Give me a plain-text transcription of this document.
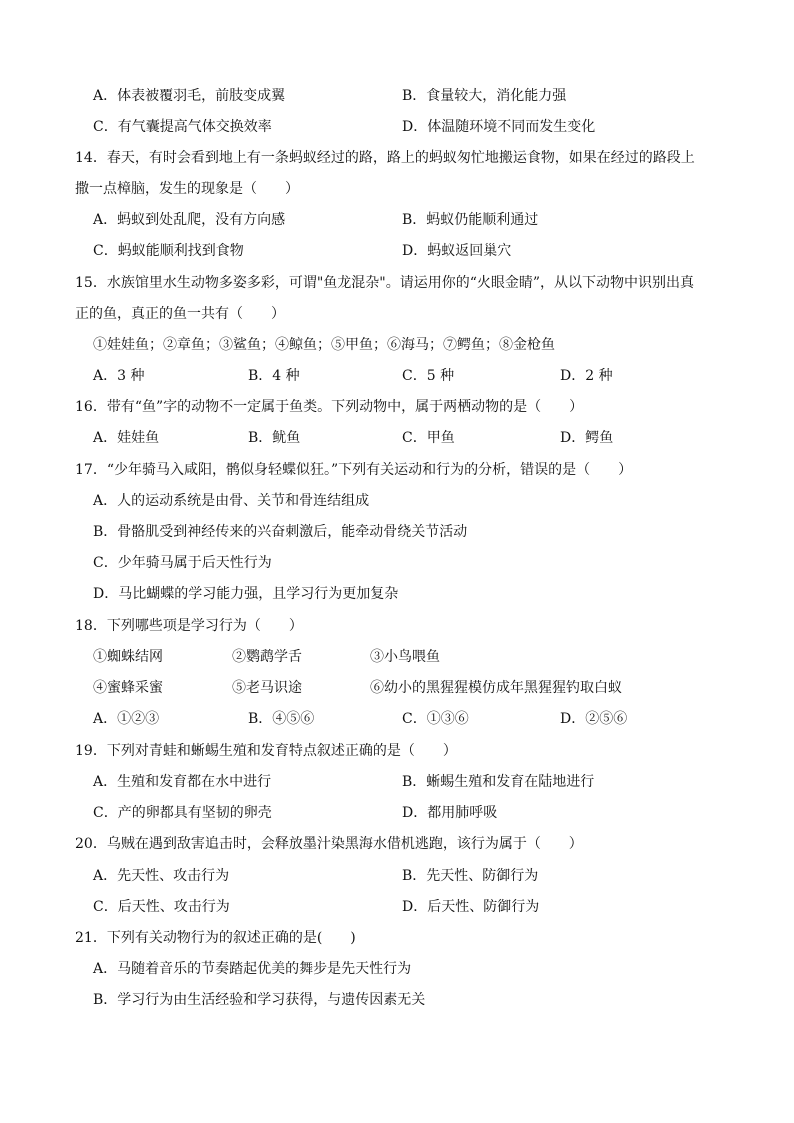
A．体表被覆羽毛，前肢变成翼	B．食量较大，消化能力强
C．有气囊提高气体交换效率	D．体温随环境不同而发生变化
14．春天，有时会看到地上有一条蚂蚁经过的路，路上的蚂蚁匆忙地搬运食物，如果在经过的路段上
撒一点樟脑，发生的现象是（　　）
A．蚂蚁到处乱爬，没有方向感	B．蚂蚁仍能顺利通过
C．蚂蚁能顺利找到食物	D．蚂蚁返回巢穴
15．水族馆里水生动物多姿多彩，可谓"鱼龙混杂"。请运用你的“火眼金睛”，从以下动物中识别出真
正的鱼，真正的鱼一共有（　　）
①娃娃鱼；②章鱼；③鲨鱼；④鲸鱼；⑤甲鱼；⑥海马；⑦鳄鱼；⑧金枪鱼
A．3 种	B．4 种	C．5 种	D．2 种
16．带有“鱼”字的动物不一定属于鱼类。下列动物中，属于两栖动物的是（　　）
A．娃娃鱼	B．鱿鱼	C．甲鱼	D．鳄鱼
17．“少年骑马入咸阳，鹘似身轻蝶似狂。”下列有关运动和行为的分析，错误的是（　　）
A．人的运动系统是由骨、关节和骨连结组成
B．骨骼肌受到神经传来的兴奋刺激后，能牵动骨绕关节活动
C．少年骑马属于后天性行为
D．马比蝴蝶的学习能力强，且学习行为更加复杂
18．下列哪些项是学习行为（　　）
①蜘蛛结网	②鹦鹉学舌	③小鸟喂鱼
④蜜蜂采蜜	⑤老马识途	⑥幼小的黑猩猩模仿成年黑猩猩钓取白蚁
A．①②③	B．④⑤⑥	C．①③⑥	D．②⑤⑥
19．下列对青蛙和蜥蜴生殖和发育特点叙述正确的是（　　）
A．生殖和发育都在水中进行	B．蜥蜴生殖和发育在陆地进行
C．产的卵都具有坚韧的卵壳	D．都用肺呼吸
20．乌贼在遇到敌害追击时，会释放墨汁染黑海水借机逃跑，该行为属于（　　）
A．先天性、攻击行为	B．先天性、防御行为
C．后天性、攻击行为	D．后天性、防御行为
21．下列有关动物行为的叙述正确的是(　　)
A．马随着音乐的节奏踏起优美的舞步是先天性行为
B．学习行为由生活经验和学习获得，与遗传因素无关
